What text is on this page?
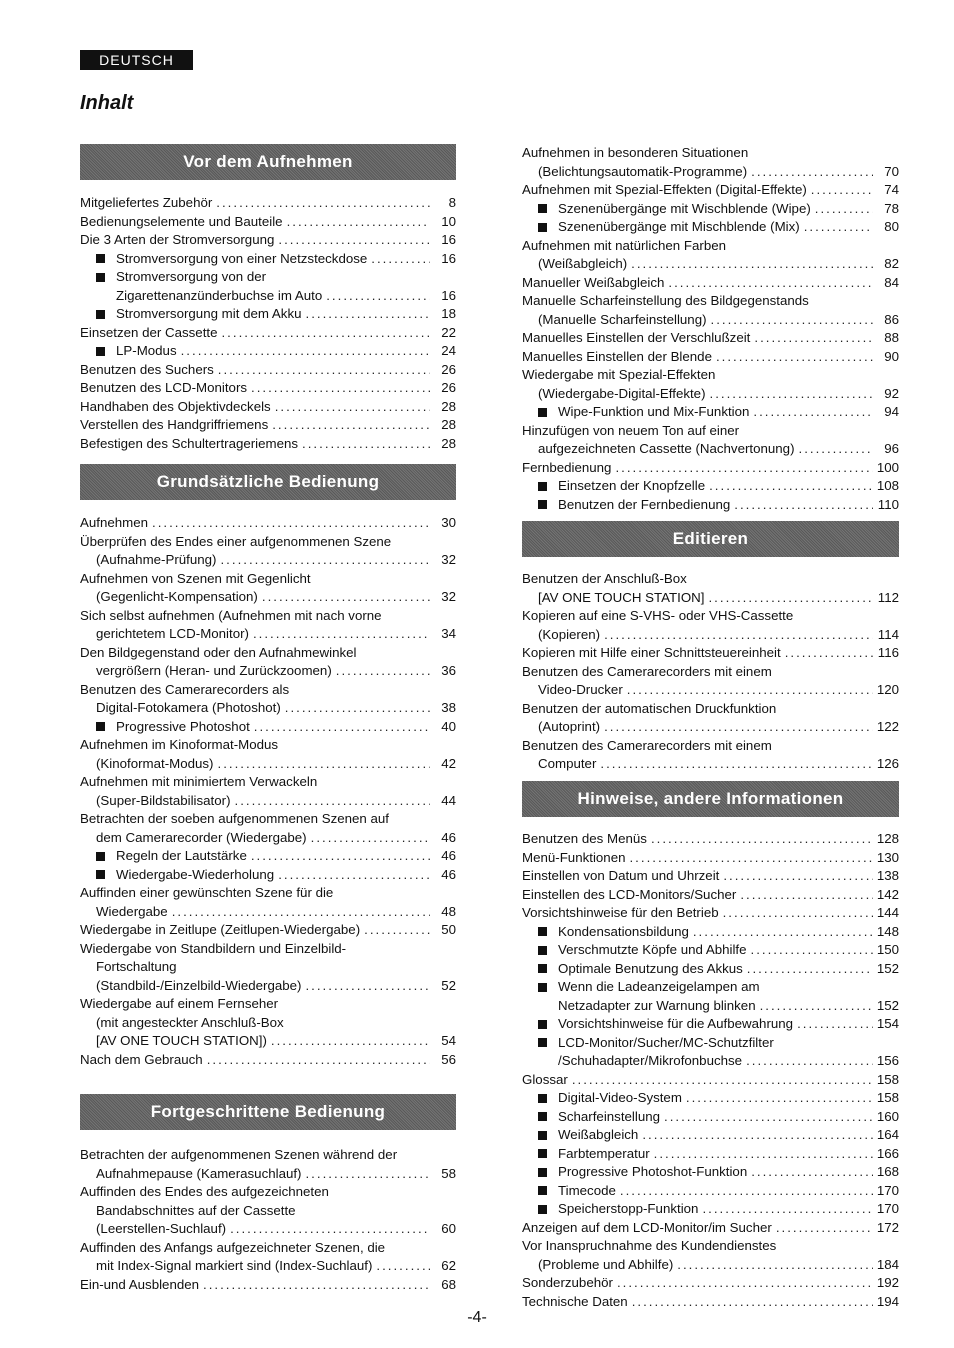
DEUTSCH
Inhalt
Vor dem Aufnehmen
Mitgeliefertes Zubehör .....	8
Bedienungselemente und Bauteile .....	10
Die 3 Arten der Stromversorgung .....	16
Stromversorgung von einer Netzsteckdose .....	16
Stromversorgung von der
Zigarettenanzünderbuchse im Auto .....	16
Stromversorgung mit dem Akku .....	18
Einsetzen der Cassette .....	22
LP-Modus .....	24
Benutzen des Suchers .....	26
Benutzen des LCD-Monitors .....	26
Handhaben des Objektivdeckels .....	28
Verstellen des Handgriffriemens .....	28
Befestigen des Schultertrageriemens .....	28
Grundsätzliche Bedienung
Aufnehmen .....	30
Überprüfen des Endes einer aufgenommenen Szene
(Aufnahme-Prüfung) .....	32
Aufnehmen von Szenen mit Gegenlicht
(Gegenlicht-Kompensation) .....	32
Sich selbst aufnehmen (Aufnehmen mit nach vorne
gerichtetem LCD-Monitor) .....	34
Den Bildgegenstand oder den Aufnahmewinkel
vergrößern (Heran- und Zurückzoomen) .....	36
Benutzen des Camerarecorders als
Digital-Fotokamera (Photoshot) .....	38
Progressive Photoshot .....	40
Aufnehmen im Kinoformat-Modus
(Kinoformat-Modus) .....	42
Aufnehmen mit minimiertem Verwackeln
(Super-Bildstabilisator) .....	44
Betrachten der soeben aufgenommenen Szenen auf
dem Camerarecorder (Wiedergabe) .....	46
Regeln der Lautstärke .....	46
Wiedergabe-Wiederholung .....	46
Auffinden einer gewünschten Szene für die
Wiedergabe .....	48
Wiedergabe in Zeitlupe (Zeitlupen-Wiedergabe) .....	50
Wiedergabe von Standbildern und Einzelbild-
Fortschaltung
(Standbild-/Einzelbild-Wiedergabe) .....	52
Wiedergabe auf einem Fernseher
(mit angesteckter Anschluß-Box
[AV ONE TOUCH STATION]) .....	54
Nach dem Gebrauch .....	56
Fortgeschrittene Bedienung
Betrachten der aufgenommenen Szenen während der
Aufnahmepause (Kamerasuchlauf) .....	58
Auffinden des Endes des aufgezeichneten
Bandabschnittes auf der Cassette
(Leerstellen-Suchlauf) .....	60
Auffinden des Anfangs aufgezeichneter Szenen, die
mit Index-Signal markiert sind (Index-Suchlauf) .....	62
Ein-und Ausblenden .....	68
Aufnehmen in besonderen Situationen
(Belichtungsautomatik-Programme) .....	70
Aufnehmen mit Spezial-Effekten (Digital-Effekte) .....	74
Szenenübergänge mit Wischblende (Wipe) .....	78
Szenenübergänge mit Mischblende (Mix) .....	80
Aufnehmen mit natürlichen Farben
(Weißabgleich) .....	82
Manueller Weißabgleich .....	84
Manuelle Scharfeinstellung des Bildgegenstands
(Manuelle Scharfeinstellung) .....	86
Manuelles Einstellen der Verschlußzeit .....	88
Manuelles Einstellen der Blende .....	90
Wiedergabe mit Spezial-Effekten
(Wiedergabe-Digital-Effekte) .....	92
Wipe-Funktion und Mix-Funktion .....	94
Hinzufügen von neuem Ton auf einer
aufgezeichneten Cassette (Nachvertonung) .....	96
Fernbedienung .....	100
Einsetzen der Knopfzelle .....	108
Benutzen der Fernbedienung .....	110
Editieren
Benutzen der Anschluß-Box
[AV ONE TOUCH STATION] .....	112
Kopieren auf eine S-VHS- oder VHS-Cassette
(Kopieren) .....	114
Kopieren mit Hilfe einer Schnittsteuereinheit .....	116
Benutzen des Camerarecorders mit einem
Video-Drucker .....	120
Benutzen der automatischen Druckfunktion
(Autoprint) .....	122
Benutzen des Camerarecorders mit einem
Computer .....	126
Hinweise, andere Informationen
Benutzen des Menüs .....	128
Menü-Funktionen .....	130
Einstellen von Datum und Uhrzeit .....	138
Einstellen des LCD-Monitors/Sucher .....	142
Vorsichtshinweise für den Betrieb .....	144
Kondensationsbildung .....	148
Verschmutzte Köpfe und Abhilfe .....	150
Optimale Benutzung des Akkus .....	152
Wenn die Ladeanzeigelampen am
Netzadapter zur Warnung blinken .....	152
Vorsichtshinweise für die Aufbewahrung .....	154
LCD-Monitor/Sucher/MC-Schutzfilter
/Schuhadapter/Mikrofonbuchse .....	156
Glossar .....	158
Digital-Video-System .....	158
Scharfeinstellung .....	160
Weißabgleich .....	164
Farbtemperatur .....	166
Progressive Photoshot-Funktion .....	168
Timecode .....	170
Speicherstopp-Funktion .....	170
Anzeigen auf dem LCD-Monitor/im Sucher .....	172
Vor Inanspruchnahme des Kundendienstes
(Probleme und Abhilfe) .....	184
Sonderzubehör .....	192
Technische Daten .....	194
-4-
